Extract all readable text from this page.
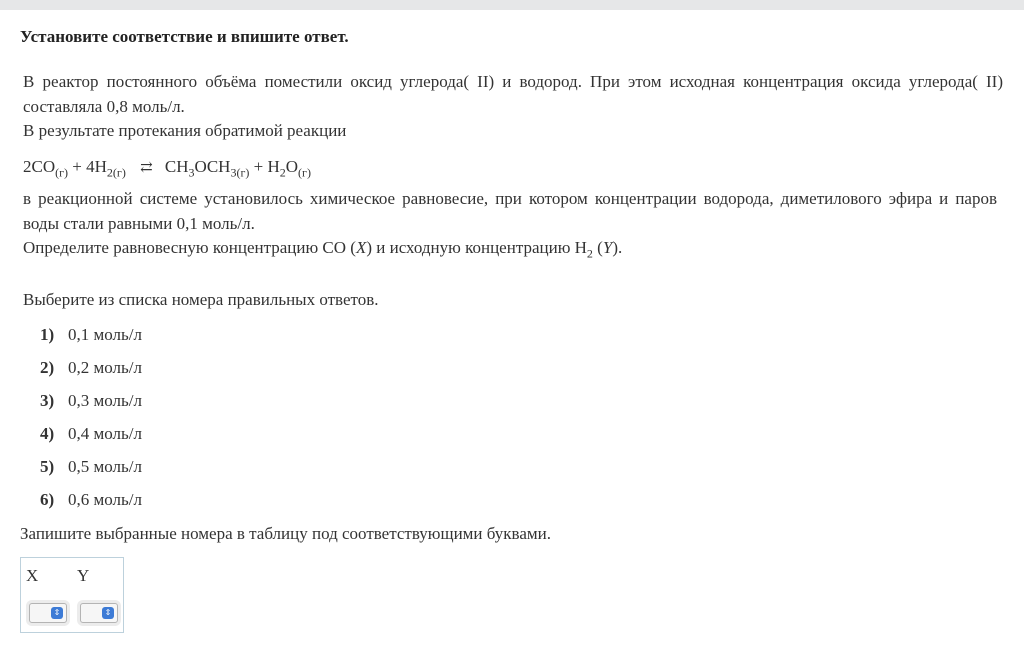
Установите соответствие и впишите ответ.
В реактор постоянного объёма поместили оксид углерода( II) и водород. При этом исходная концентрация оксида углерода( II) составляла 0,8 моль/л.
В результате протекания обратимой реакции
$2CO_{(г)} + 4H_{2(г)}$ ⇄ $CH_3OCH_{3(г)} + H_2O_{(г)}$
в реакционной системе установилось химическое равновесие, при котором концентрации водорода, диметилового эфира и паров воды стали равными 0,1 моль/л.
Определите равновесную концентрацию CO (X) и исходную концентрацию $H_2$ (Y).
Выберите из списка номера правильных ответов.
1) 0,1 моль/л
2) 0,2 моль/л
3) 0,3 моль/л
4) 0,4 моль/л
5) 0,5 моль/л
6) 0,6 моль/л
Запишите выбранные номера в таблицу под соответствующими буквами.
X Y
⇕	⇕
